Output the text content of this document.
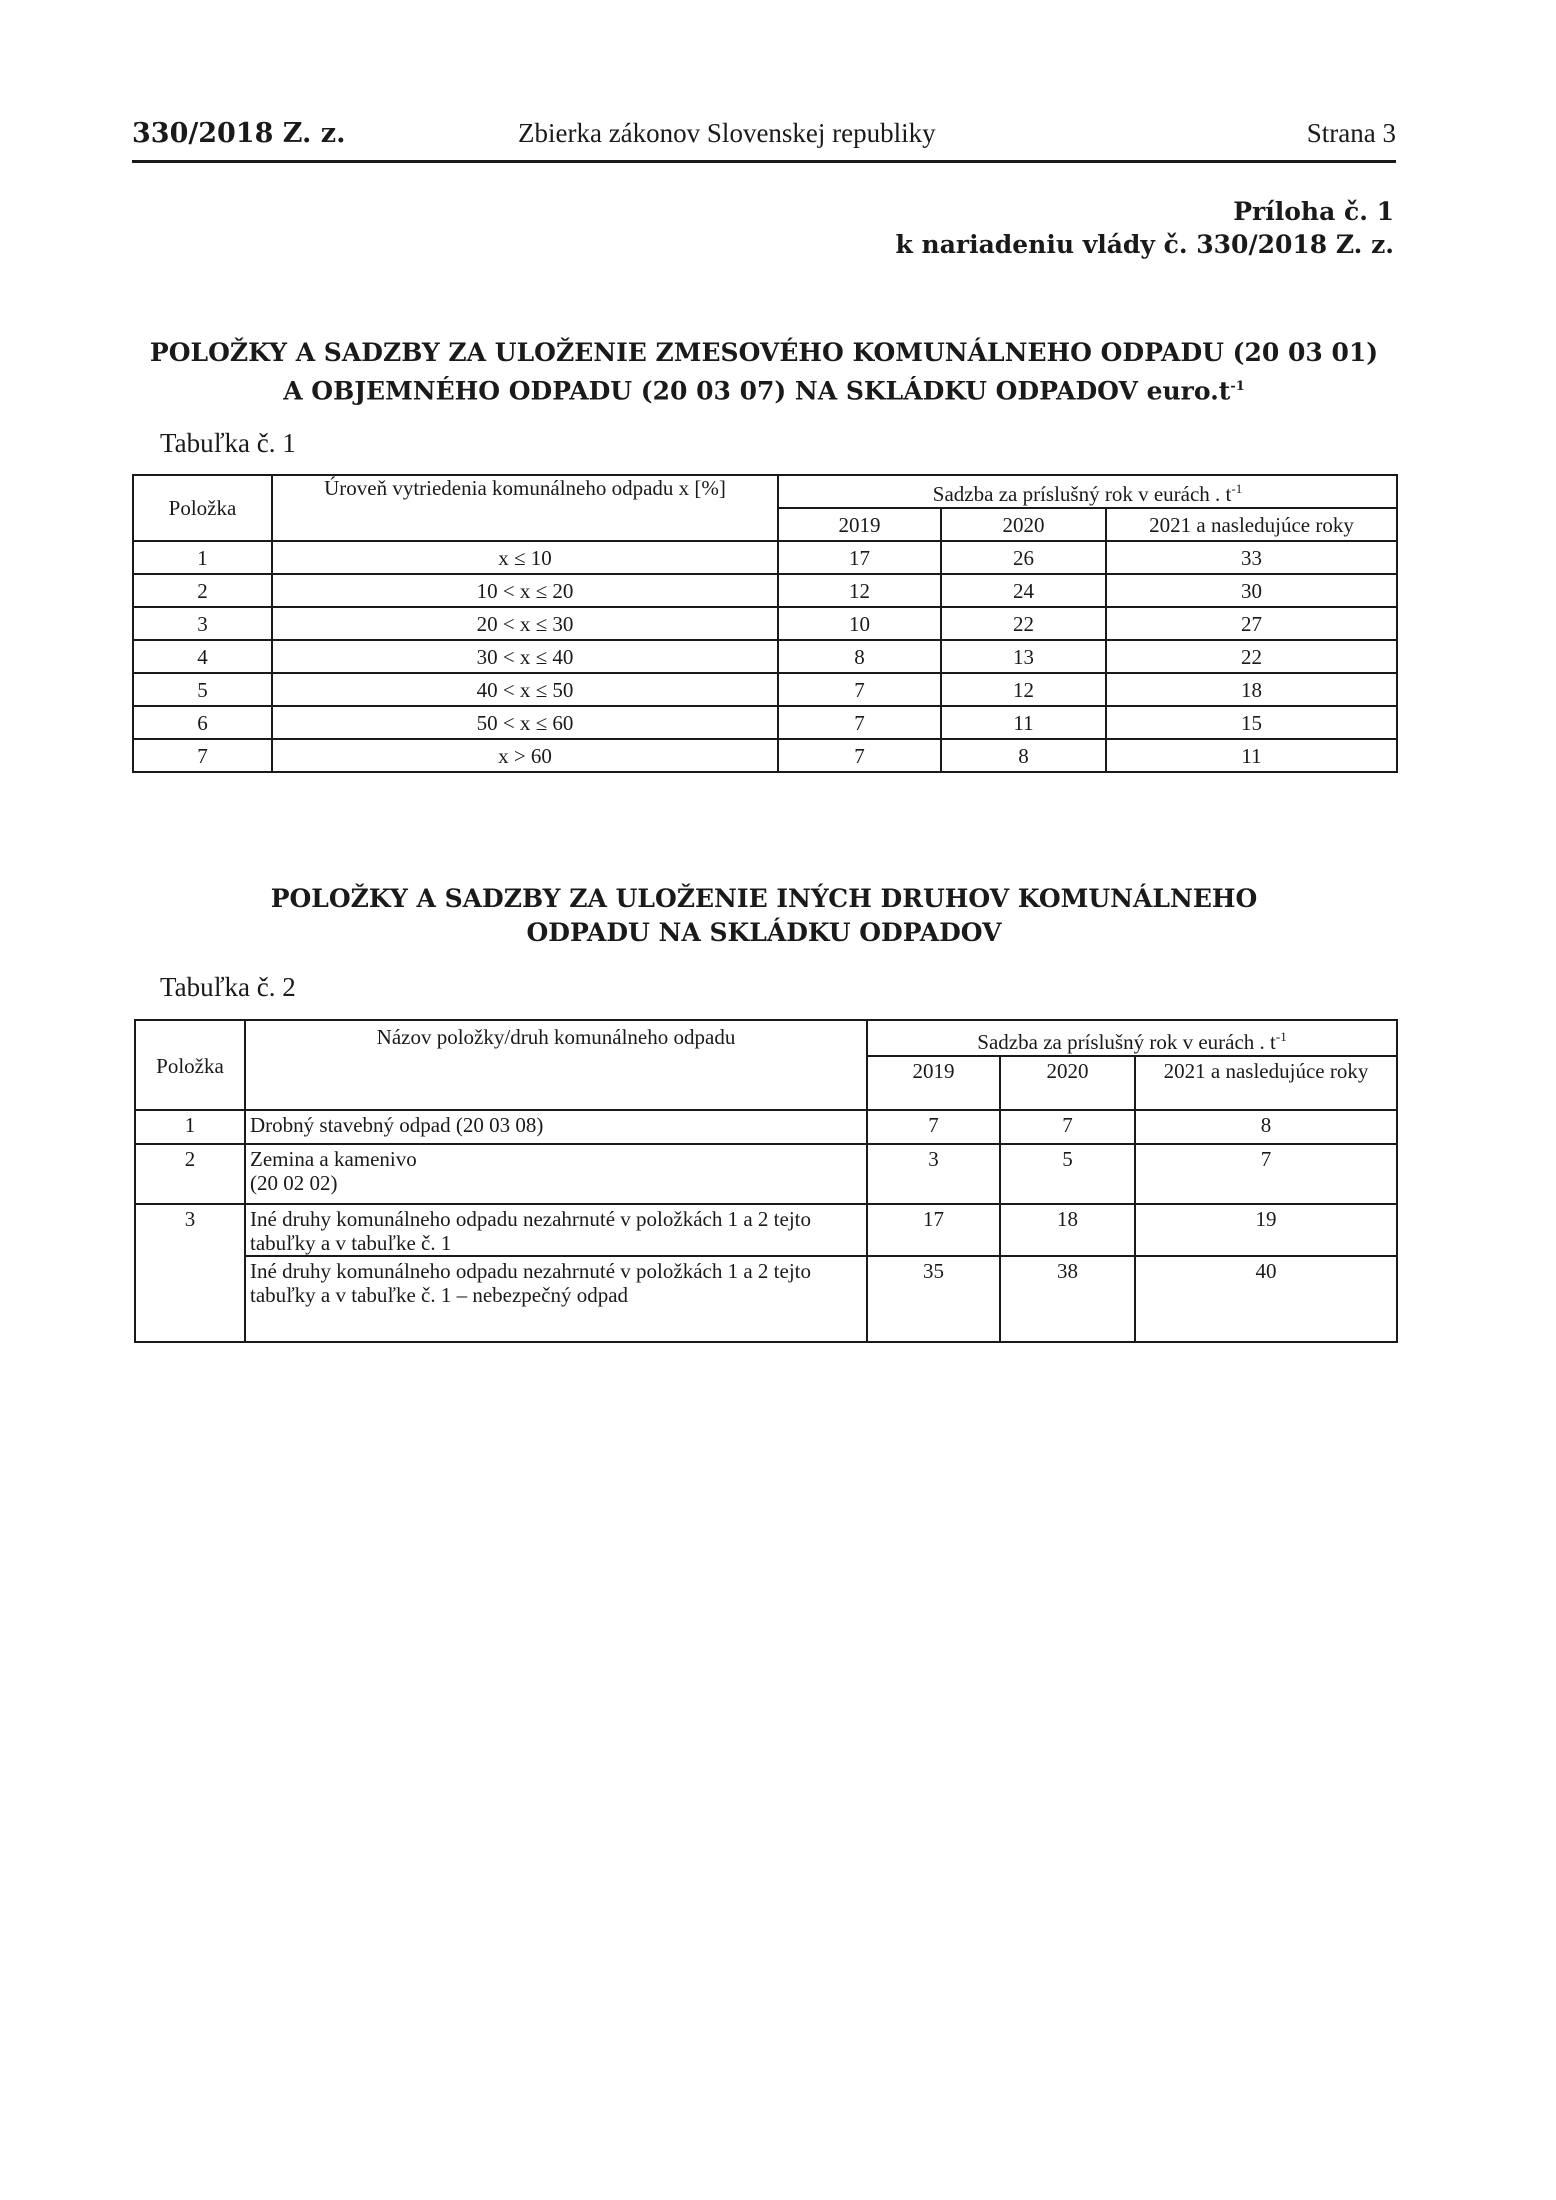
330/2018 Z. z.	Zbierka zákonov Slovenskej republiky	Strana 3
Príloha č. 1
k nariadeniu vlády č. 330/2018 Z. z.
POLOŽKY A SADZBY ZA ULOŽENIE ZMESOVÉHO KOMUNÁLNEHO ODPADU (20 03 01)
A OBJEMNÉHO ODPADU (20 03 07) NA SKLÁDKU ODPADOV $euro.t^{-1}$
Tabuľka č. 1
Položka	Úroveň vytriedenia komunálneho odpadu x [%]	Sadzba za príslušný rok v eurách . $t^{-1}$
		2019	2020	2021 a nasledujúce roky
1	x ≤ 10	17	26	33
2	10 < x ≤ 20	12	24	30
3	20 < x ≤ 30	10	22	27
4	30 < x ≤ 40	8	13	22
5	40 < x ≤ 50	7	12	18
6	50 < x ≤ 60	7	11	15
7	x > 60	7	8	11
POLOŽKY A SADZBY ZA ULOŽENIE INÝCH DRUHOV KOMUNÁLNEHO
ODPADU NA SKLÁDKU ODPADOV
Tabuľka č. 2
Položka	Názov položky/druh komunálneho odpadu	Sadzba za príslušný rok v eurách . $t^{-1}$
		2019	2020	2021 a nasledujúce roky
1	Drobný stavebný odpad (20 03 08)	7	7	8
2	Zemina a kamenivo (20 02 02)	3	5	7
3	Iné druhy komunálneho odpadu nezahrnuté v položkách 1 a 2 tejto tabuľky a v tabuľke č. 1	17	18	19
	Iné druhy komunálneho odpadu nezahrnuté v položkách 1 a 2 tejto tabuľky a v tabuľke č. 1 – nebezpečný odpad	35	38	40
